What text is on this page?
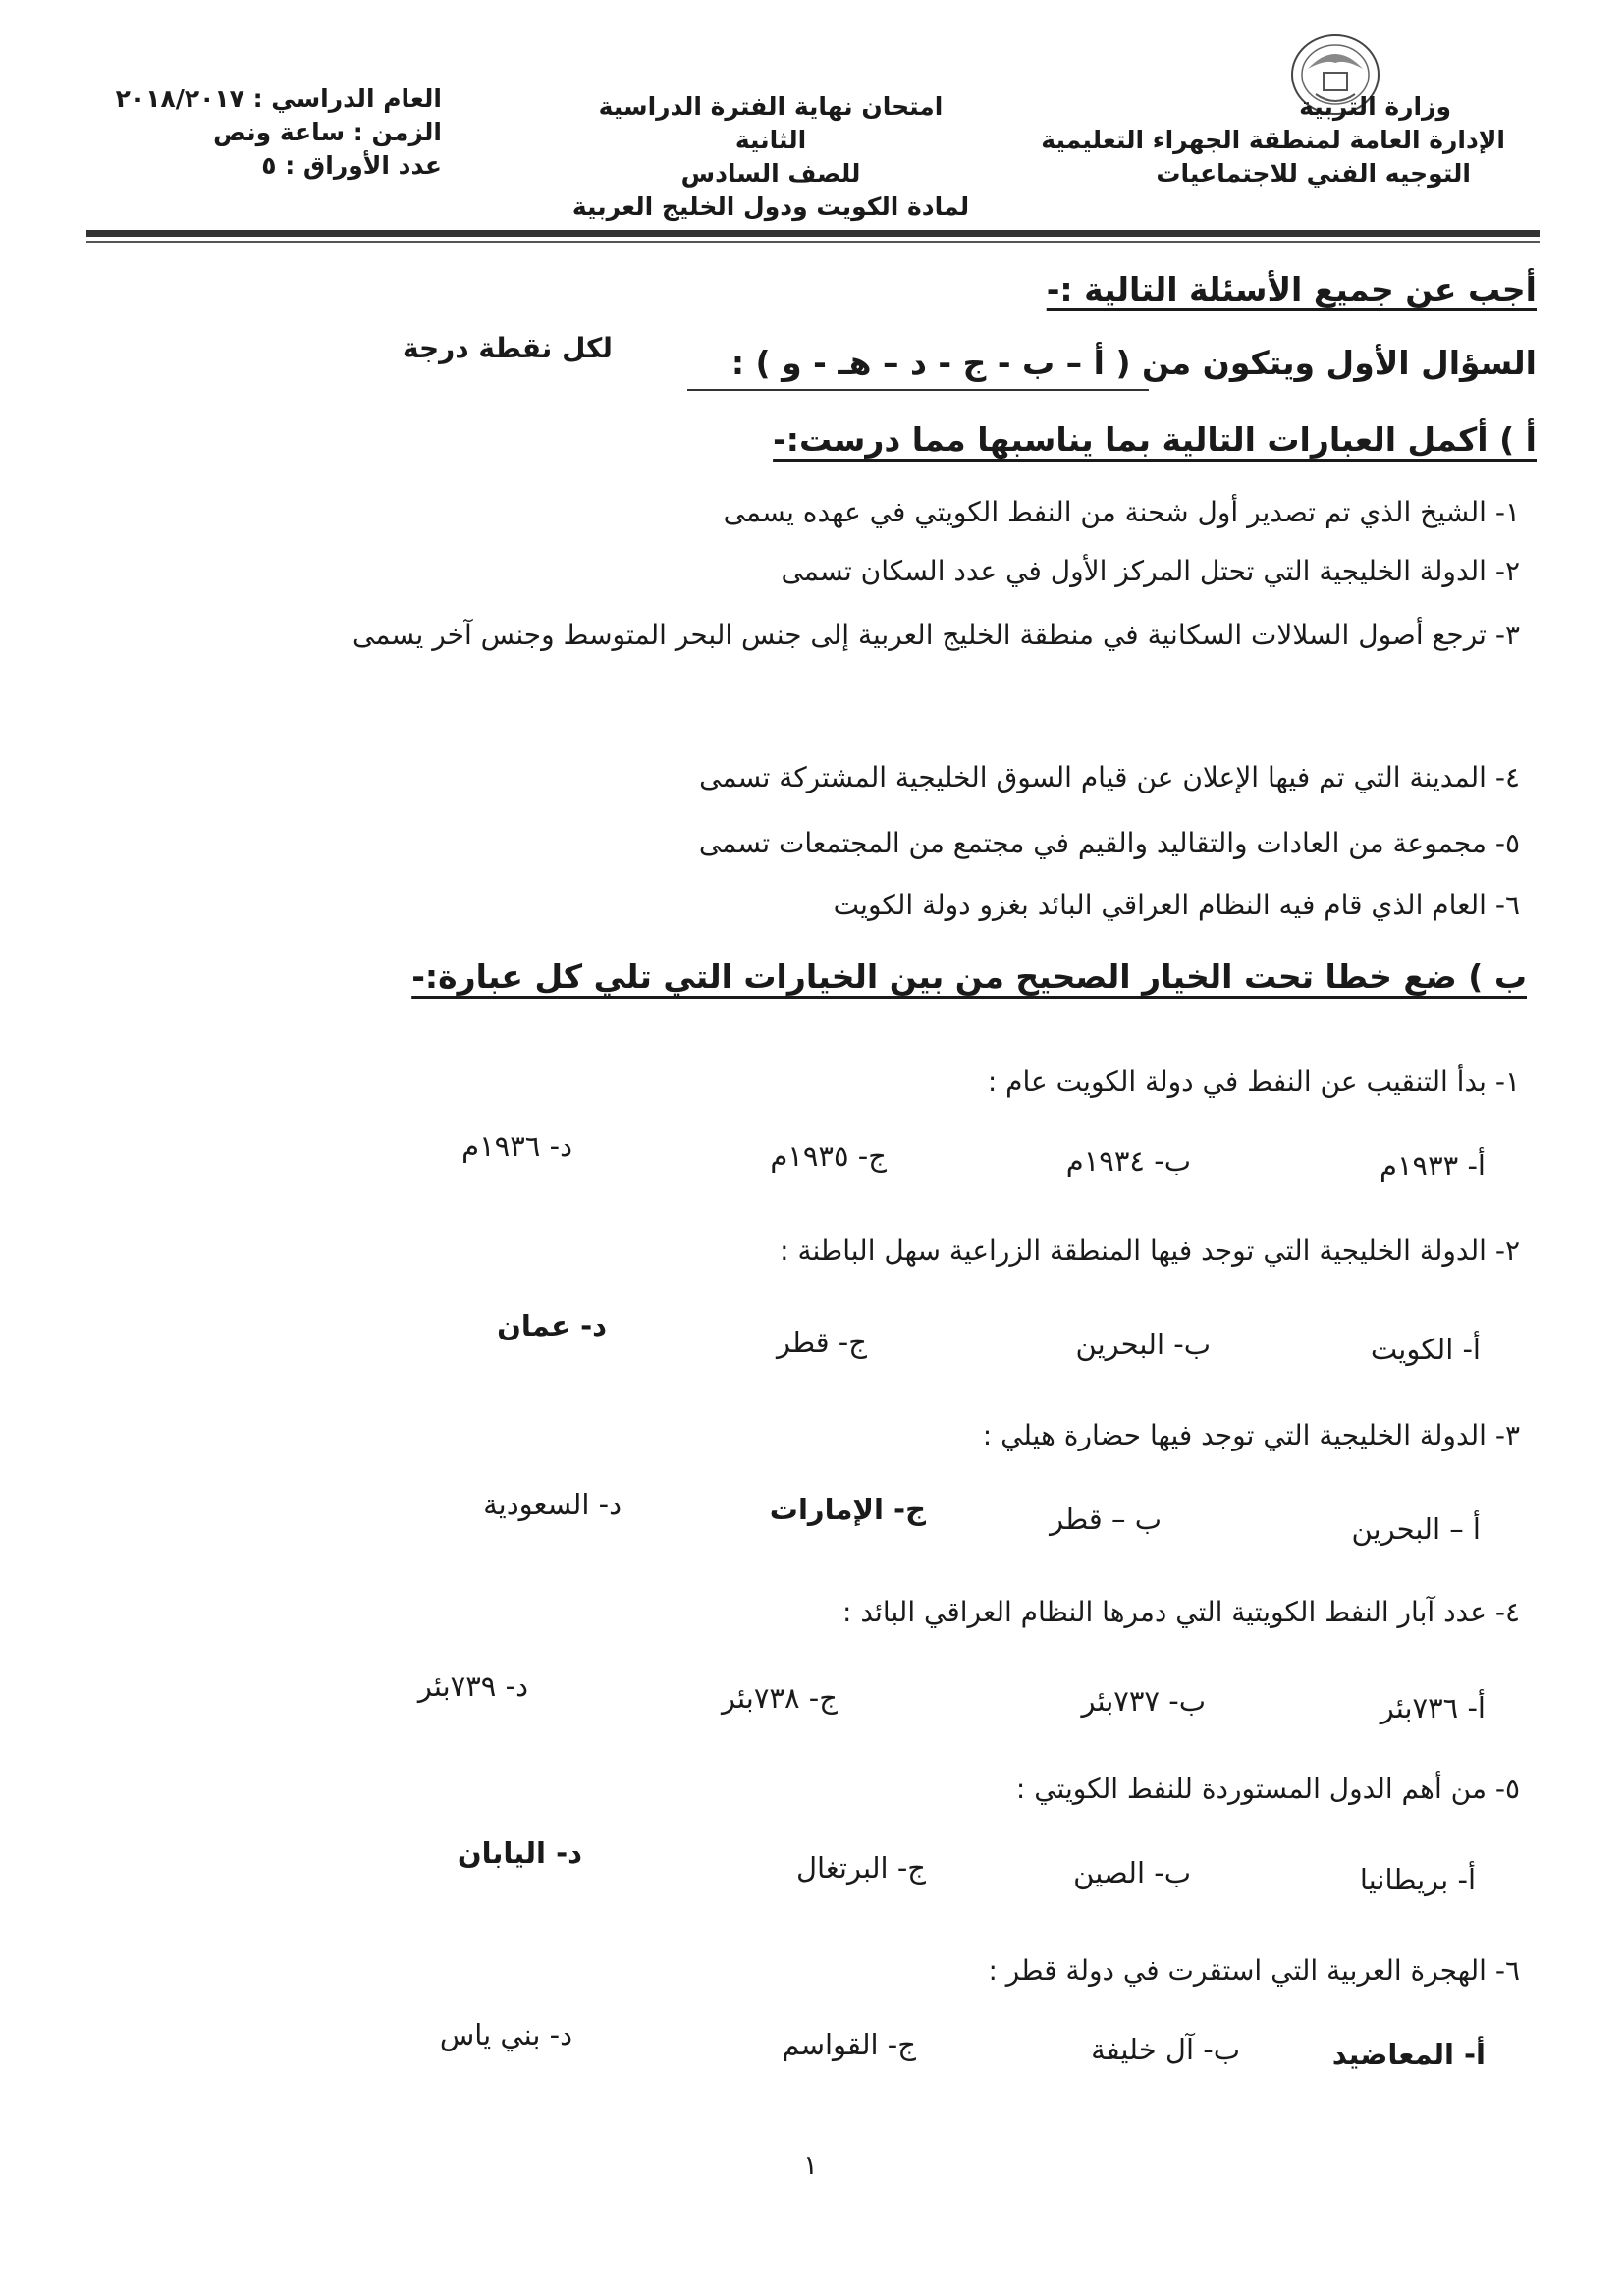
وزارة التربية
الإدارة العامة لمنطقة الجهراء التعليمية
التوجيه الفني للاجتماعيات
امتحان نهاية الفترة الدراسية الثانية
للصف السادس
لمادة الكويت ودول الخليج العربية
العام الدراسي : ٢٠١٨/٢٠١٧
الزمن : ساعة ونص
عدد الأوراق : ٥
أجب عن جميع الأسئلة التالية :-
السؤال الأول ويتكون من ( أ – ب - ج - د – هـ - و ) :
لكل نقطة درجة
أ ) أكمل العبارات التالية بما يناسبها مما درست:-
١- الشيخ الذي تم تصدير أول شحنة من النفط الكويتي في عهده يسمى
٢- الدولة الخليجية التي تحتل المركز الأول في عدد السكان تسمى
٣- ترجع أصول السلالات السكانية في منطقة الخليج العربية إلى جنس البحر المتوسط وجنس آخر يسمى
٤- المدينة التي تم فيها الإعلان عن قيام السوق الخليجية المشتركة تسمى
٥- مجموعة من العادات والتقاليد والقيم في مجتمع من المجتمعات تسمى
٦- العام الذي قام فيه النظام العراقي البائد بغزو دولة الكويت
ب ) ضع خطا تحت الخيار الصحيح من بين الخيارات التي تلي كل عبارة:-
١- بدأ التنقيب عن النفط في دولة الكويت عام :
أ- ١٩٣٣م
ب- ١٩٣٤م
ج- ١٩٣٥م
د- ١٩٣٦م
٢- الدولة الخليجية التي توجد فيها المنطقة الزراعية سهل الباطنة :
أ- الكويت
ب- البحرين
ج- قطر
د- عمان
٣- الدولة الخليجية التي توجد فيها حضارة هيلي :
أ – البحرين
ب – قطر
ج- الإمارات
د- السعودية
٤- عدد آبار النفط الكويتية التي دمرها النظام العراقي البائد :
أ- ٧٣٦بئر
ب- ٧٣٧بئر
ج- ٧٣٨بئر
د- ٧٣٩بئر
٥- من أهم الدول المستوردة للنفط الكويتي :
أ- بريطانيا
ب- الصين
ج- البرتغال
د- اليابان
٦- الهجرة العربية التي استقرت في دولة قطر :
أ- المعاضيد
ب- آل خليفة
ج- القواسم
د- بني ياس
١
